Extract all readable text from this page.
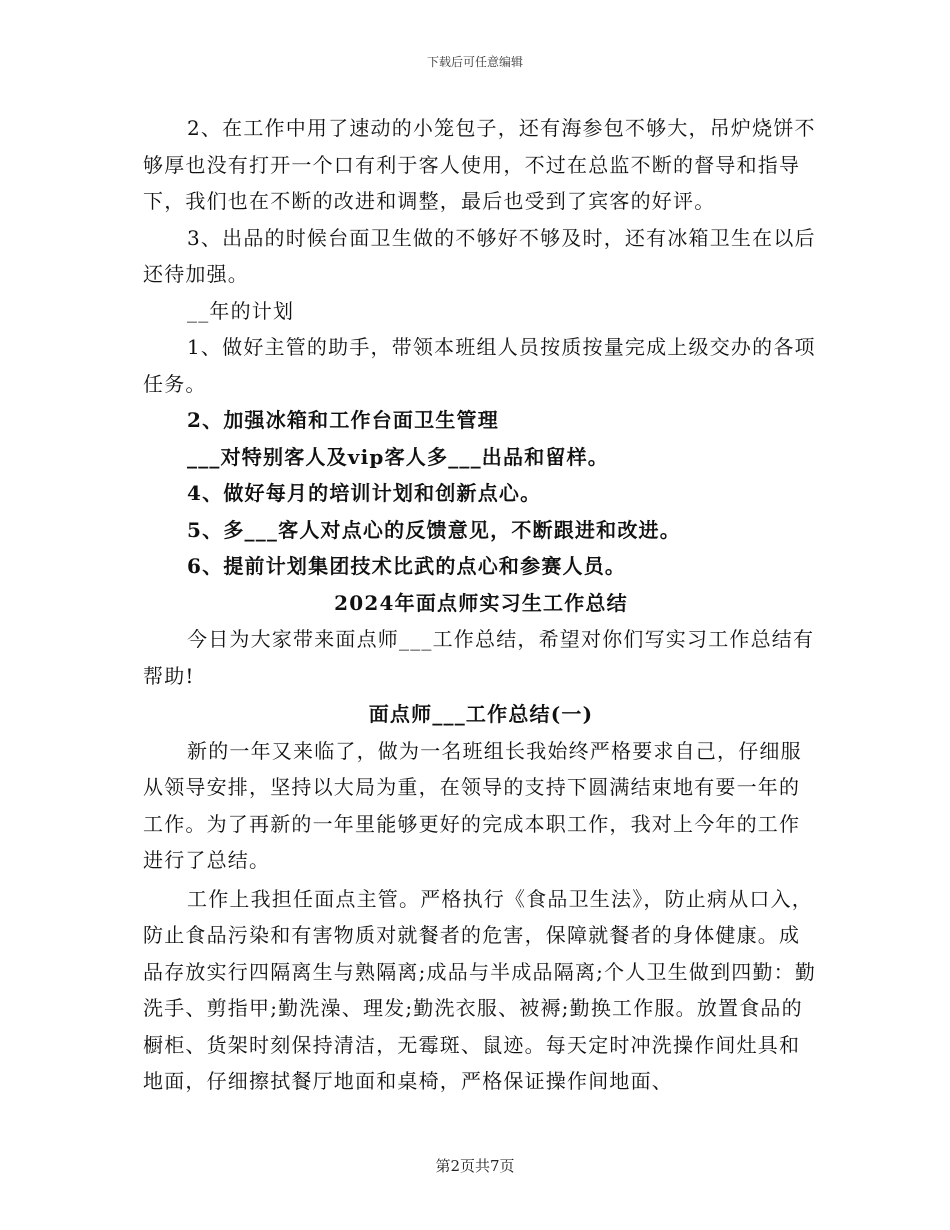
下载后可任意编辑

2、在工作中用了速动的小笼包子，还有海参包不够大，吊炉烧饼不够厚也没有打开一个口有利于客人使用，不过在总监不断的督导和指导下，我们也在不断的改进和调整，最后也受到了宾客的好评。

3、出品的时候台面卫生做的不够好不够及时，还有冰箱卫生在以后还待加强。

__年的计划

1、做好主管的助手，带领本班组人员按质按量完成上级交办的各项任务。

2、加强冰箱和工作台面卫生管理

___对特别客人及vip客人多___出品和留样。

4、做好每月的培训计划和创新点心。

5、多___客人对点心的反馈意见，不断跟进和改进。

6、提前计划集团技术比武的点心和参赛人员。

2024年面点师实习生工作总结

今日为大家带来面点师___工作总结，希望对你们写实习工作总结有帮助!

面点师___工作总结(一)

新的一年又来临了，做为一名班组长我始终严格要求自己，仔细服从领导安排，坚持以大局为重，在领导的支持下圆满结束地有要一年的工作。为了再新的一年里能够更好的完成本职工作，我对上今年的工作进行了总结。

工作上我担任面点主管。严格执行《食品卫生法》，防止病从口入，防止食品污染和有害物质对就餐者的危害，保障就餐者的身体健康。成品存放实行四隔离生与熟隔离;成品与半成品隔离;个人卫生做到四勤：勤洗手、剪指甲;勤洗澡、理发;勤洗衣服、被褥;勤换工作服。放置食品的橱柜、货架时刻保持清洁，无霉斑、鼠迹。每天定时冲洗操作间灶具和地面，仔细擦拭餐厅地面和桌椅，严格保证操作间地面、

第2页共7页
